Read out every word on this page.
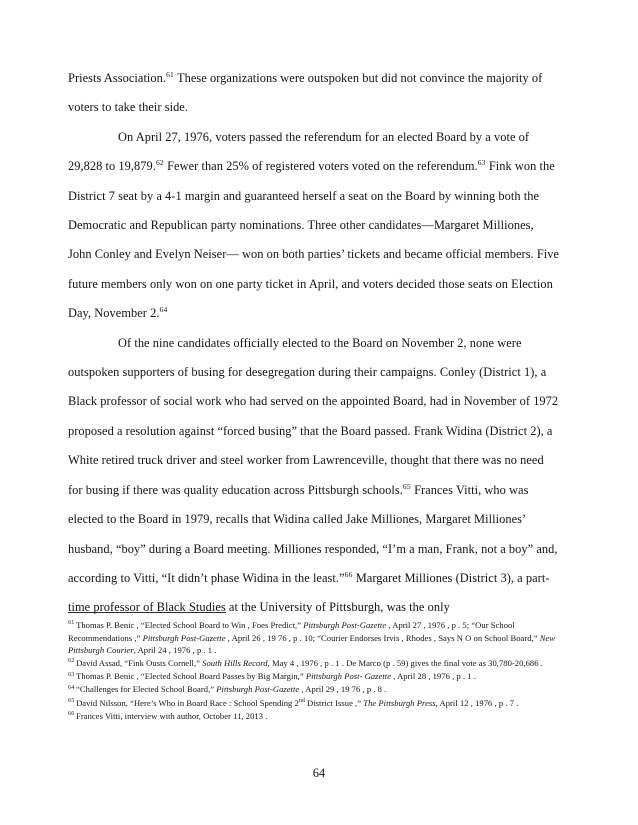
Priests Association.$^{61}$ These organizations were outspoken but did not convince the majority of voters to take their side.

On April 27, 1976, voters passed the referendum for an elected Board by a vote of 29,828 to 19,879.62 Fewer than 25% of registered voters voted on the referendum.$^{63}$ Fink won the District 7 seat by a 4-1 margin and guaranteed herself a seat on the Board by winning both the Democratic and Republican party nominations. Three other candidates—Margaret Milliones, John Conley and Evelyn Neiser— won on both parties’ tickets and became official members. Five future members only won on one party ticket in April, and voters decided those seats on Election Day, November 2.64

Of the nine candidates officially elected to the Board on November 2, none were outspoken supporters of busing for desegregation during their campaigns. Conley (District 1), a Black professor of social work who had served on the appointed Board, had in November of 1972 proposed a resolution against “forced busing” that the Board passed. Frank Widina (District 2), a White retired truck driver and steel worker from Lawrenceville, thought that there was no need for busing if there was quality education across Pittsburgh schools.$^{65}$ Frances Vitti, who was elected to the Board in 1979, recalls that Widina called Jake Milliones, Margaret Milliones’ husband, “boy” during a Board meeting. Milliones responded, “I’m a man, Frank, not a boy” and, according to Vitti, “It didn’t phase Widina in the least.”$^{66}$ Margaret Milliones (District 3), a part-time professor of Black Studies at the University of Pittsburgh, was the only

$^{61}$ Thomas P. Benic , “Elected School Board to Win , Foes Predict,” Pittsburgh Post-Gazette , April 27 , 1976 , p . 5; “Our School Recommendations ,” Pittsburgh Post-Gazette , April 26 , 19 76 , p . 10; “Courier Endorses Irvis , Rhodes , Says N O on School Board,” New Pittsburgh Courier, April 24 , 1976 , p . 1 .

$^{62}$ David Assad, “Fink Ousts Cornell,” South Hills Record, May 4 , 1976 , p . 1 . De Marco (p . 59) gives the final vote as 30,780-20,686 .

$^{63}$ Thomas P. Benic , “Elected School Board Passes by Big Margin,” Pittsburgh Post- Gazette , April 28 , 1976 , p . 1 .

$^{64}$ “Challenges for Elected School Board,” Pittsburgh Post-Gazette , April 29 , 19 76 , p . 8 .

$^{65}$ David Nilsson, “Here’s Who in Board Race : School Spending 2nd District Issue ,” The Pittsburgh Press, April 12 , 1976 , p . 7 .

$^{66}$ Frances Vitti, interview with author, October 11, 2013 .

64
